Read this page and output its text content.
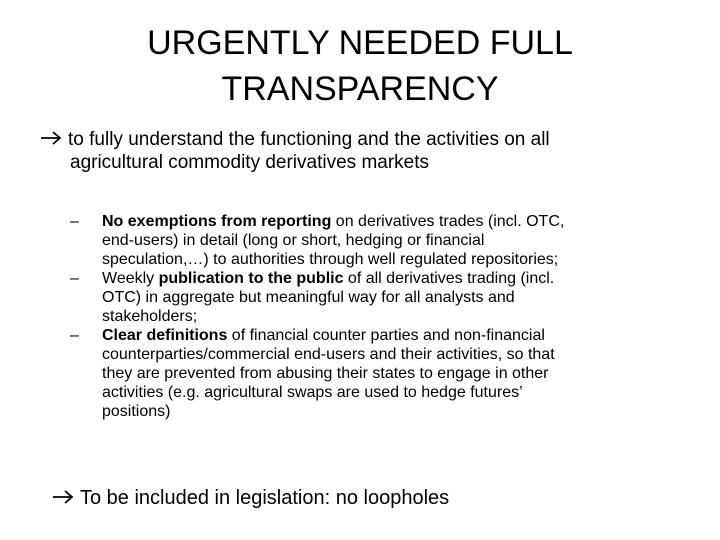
URGENTLY NEEDED FULL
TRANSPARENCY
to fully understand the functioning and the activities on all
agricultural commodity derivatives markets
–	No exemptions from reporting on derivatives trades (incl. OTC,
end-users) in detail (long or short, hedging or financial
speculation,…) to authorities through well regulated repositories;
–	Weekly publication to the public of all derivatives trading (incl.
OTC) in aggregate but meaningful way for all analysts and
stakeholders;
–	Clear definitions of financial counter parties and non-financial
counterparties/commercial end-users and their activities, so that
they are prevented from abusing their states to engage in other
activities (e.g. agricultural swaps are used to hedge futures’
positions)
To be included in legislation: no loopholes
